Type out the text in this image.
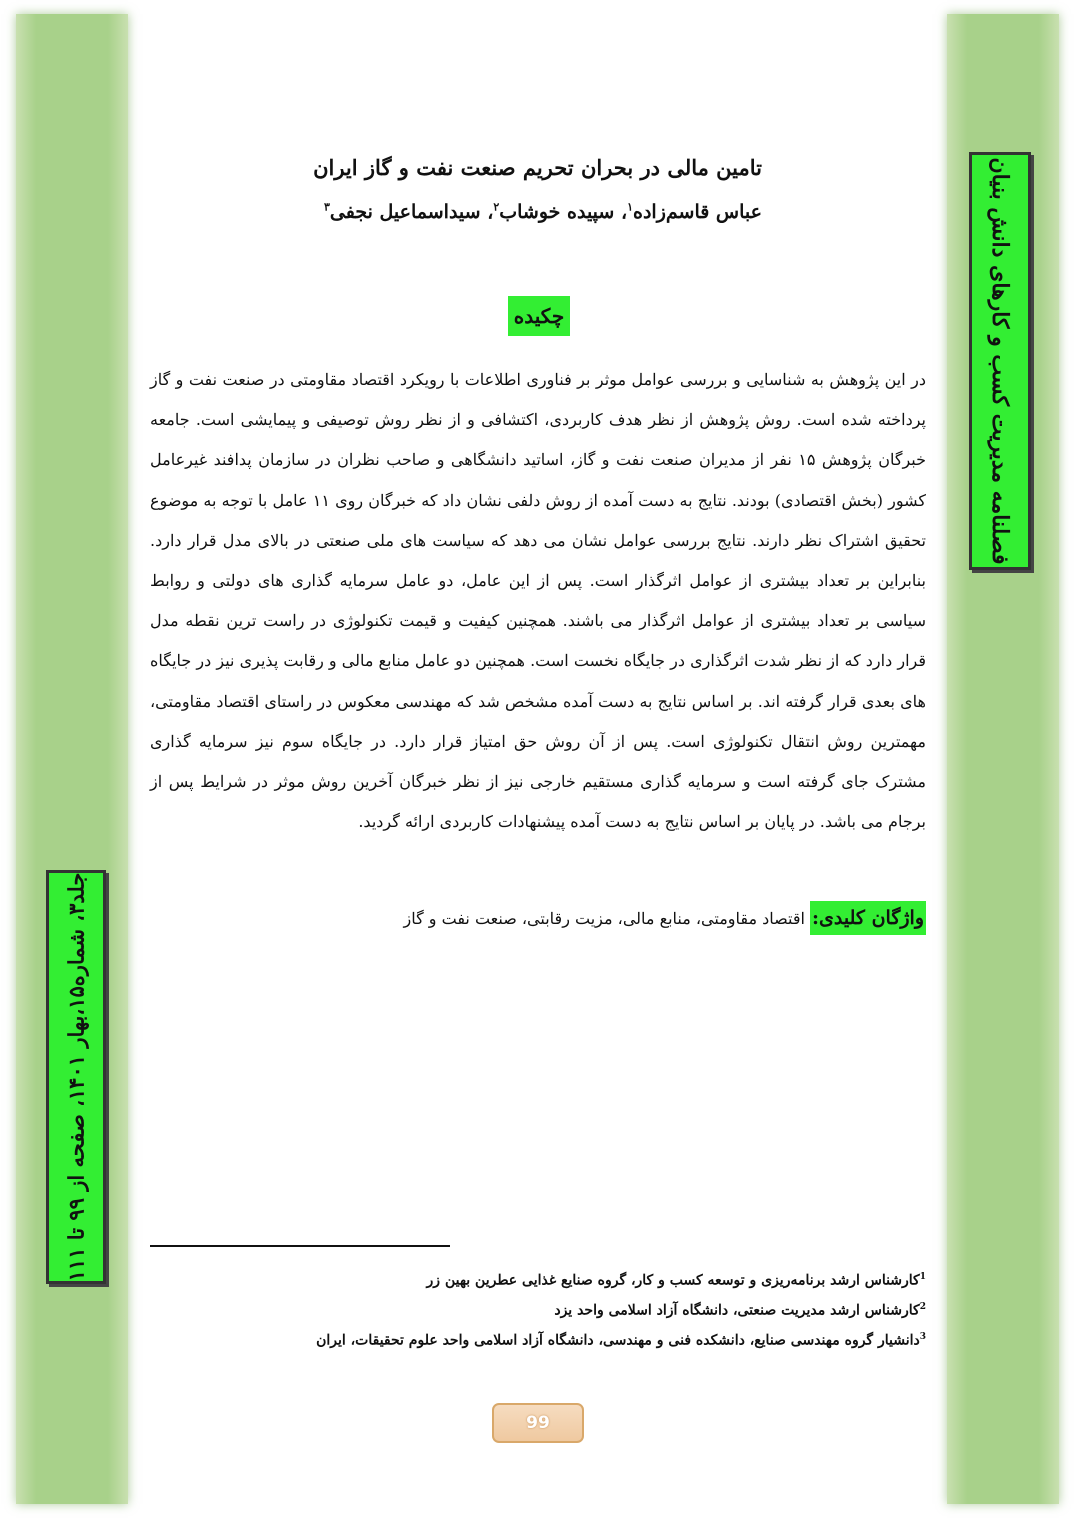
فصلنامه مدیریت کسب و کارهای دانش بنیان
جلد۳، شماره۱۵،بهار ۱۴۰۱، صفحه از ۹۹ تا ۱۱۱
تامین مالی در بحران تحریم صنعت نفت و گاز ایران
عباس قاسم‌زاده$^۱$، سپیده خوشاب$^۲$، سیداسماعیل نجفی$^۳$
چکیده
در این پژوهش به شناسایی و بررسی عوامل موثر بر فناوری اطلاعات با رویکرد اقتصاد مقاومتی در صنعت نفت و گاز پرداخته شده است. روش پژوهش از نظر هدف کاربردی، اکتشافی و از نظر روش توصیفی و پیمایشی است. جامعه خبرگان پژوهش ۱۵ نفر از مدیران صنعت نفت و گاز، اساتید دانشگاهی و صاحب نظران در سازمان پدافند غیرعامل کشور (بخش اقتصادی) بودند. نتایج به دست آمده از روش دلفی نشان داد که خبرگان روی ۱۱ عامل با توجه به موضوع تحقیق اشتراک نظر دارند. نتایج بررسی عوامل نشان می دهد که سیاست های ملی صنعتی در بالای مدل قرار دارد. بنابراین بر تعداد بیشتری از عوامل اثرگذار است. پس از این عامل، دو عامل سرمایه گذاری های دولتی و روابط سیاسی بر تعداد بیشتری از عوامل اثرگذار می باشند. همچنین کیفیت و قیمت تکنولوژی در راست ترین نقطه مدل قرار دارد که از نظر شدت اثرگذاری در جایگاه نخست است. همچنین دو عامل منابع مالی و رقابت پذیری نیز در جایگاه های بعدی قرار گرفته اند. بر اساس نتایج به دست آمده مشخص شد که مهندسی معکوس در راستای اقتصاد مقاومتی، مهمترین روش انتقال تکنولوژی است. پس از آن روش حق امتیاز قرار دارد. در جایگاه سوم نیز سرمایه گذاری مشترک جای گرفته است و سرمایه گذاری مستقیم خارجی نیز از نظر خبرگان آخرین روش موثر در شرایط پس از برجام می باشد. در پایان بر اساس نتایج به دست آمده پیشنهادات کاربردی ارائه گردید.
واژگان کلیدی: اقتصاد مقاومتی، منابع مالی، مزیت رقابتی، صنعت نفت و گاز
$^1$کارشناس ارشد برنامه‌ریزی و توسعه کسب و کار، گروه صنایع غذایی عطرین بهین زر
$^2$کارشناس ارشد مدیریت صنعتی، دانشگاه آزاد اسلامی واحد یزد
$^3$دانشیار گروه مهندسی صنایع، دانشکده فنی و مهندسی، دانشگاه آزاد اسلامی واحد علوم تحقیقات، ایران
99
